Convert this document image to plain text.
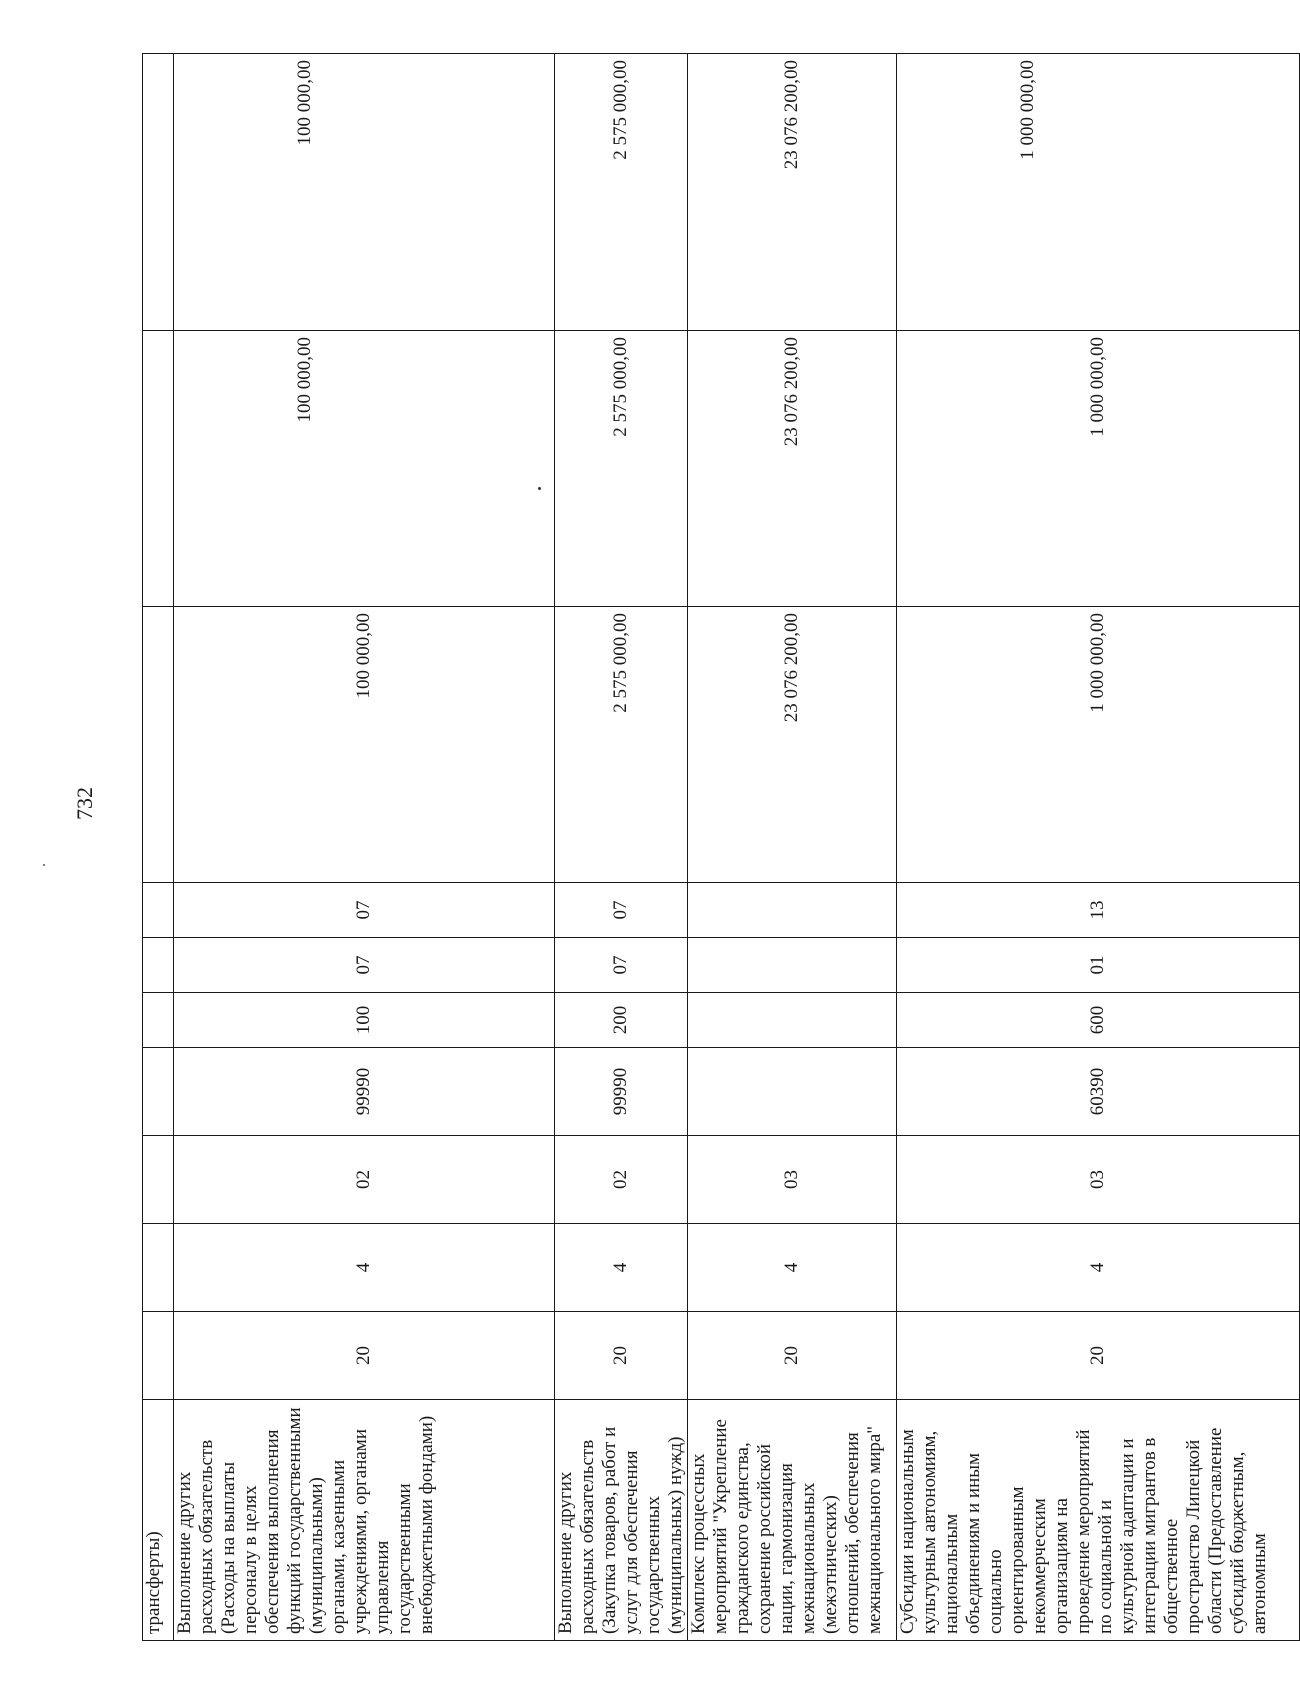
732
трансферты)										
Выполнение других расходных обязательств (Расходы на выплаты персоналу в целях обеспечения выполнения функций государственными (муниципальными) органами, казенными учреждениями, органами управления государственными внебюджетными фондами)	20	4	02	99990	100	07	07	100 000,00	100 000,00	100 000,00
Выполнение других расходных обязательств (Закупка товаров, работ и услуг для обеспечения государственных (муниципальных) нужд)	20	4	02	99990	200	07	07	2 575 000,00	2 575 000,00	2 575 000,00
Комплекс процессных мероприятий "Укрепление гражданского единства, сохранение российской нации, гармонизация межнациональных (межэтнических) отношений, обеспечения межнационального мира"	20	4	03					23 076 200,00	23 076 200,00	23 076 200,00
Субсидии национальным культурным автономиям, национальным объединениям и иным социально ориентированным некоммерческим организациям на проведение мероприятий по социальной и культурной адаптации и интеграции мигрантов в общественное пространство Липецкой области (Предоставление субсидий бюджетным, автономным	20	4	03	60390	600	01	13	1 000 000,00	1 000 000,00	1 000 000,00
